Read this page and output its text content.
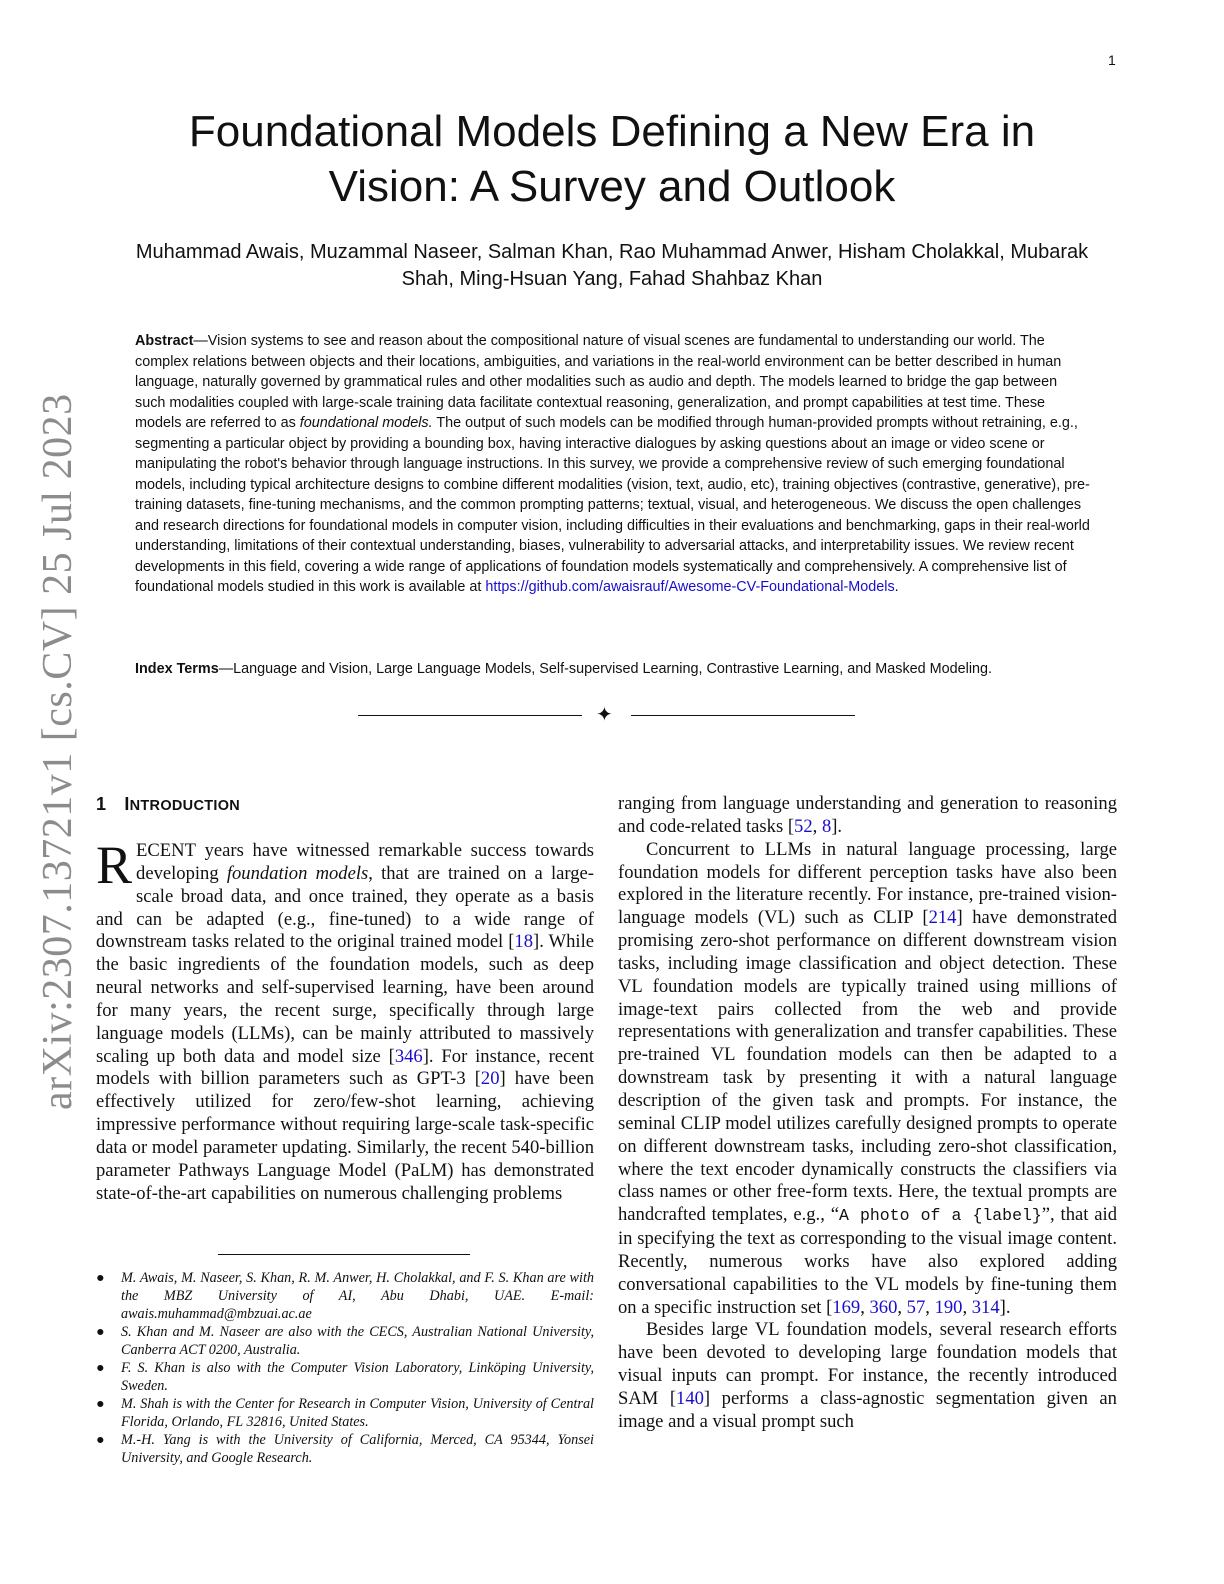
1
arXiv:2307.13721v1 [cs.CV] 25 Jul 2023
Foundational Models Defining a New Era in Vision: A Survey and Outlook
Muhammad Awais, Muzammal Naseer, Salman Khan, Rao Muhammad Anwer, Hisham Cholakkal, Mubarak Shah, Ming-Hsuan Yang, Fahad Shahbaz Khan
Abstract—Vision systems to see and reason about the compositional nature of visual scenes are fundamental to understanding our world. The complex relations between objects and their locations, ambiguities, and variations in the real-world environment can be better described in human language, naturally governed by grammatical rules and other modalities such as audio and depth. The models learned to bridge the gap between such modalities coupled with large-scale training data facilitate contextual reasoning, generalization, and prompt capabilities at test time. These models are referred to as foundational models. The output of such models can be modified through human-provided prompts without retraining, e.g., segmenting a particular object by providing a bounding box, having interactive dialogues by asking questions about an image or video scene or manipulating the robot's behavior through language instructions. In this survey, we provide a comprehensive review of such emerging foundational models, including typical architecture designs to combine different modalities (vision, text, audio, etc), training objectives (contrastive, generative), pre-training datasets, fine-tuning mechanisms, and the common prompting patterns; textual, visual, and heterogeneous. We discuss the open challenges and research directions for foundational models in computer vision, including difficulties in their evaluations and benchmarking, gaps in their real-world understanding, limitations of their contextual understanding, biases, vulnerability to adversarial attacks, and interpretability issues. We review recent developments in this field, covering a wide range of applications of foundation models systematically and comprehensively. A comprehensive list of foundational models studied in this work is available at https://github.com/awaisrauf/Awesome-CV-Foundational-Models.
Index Terms—Language and Vision, Large Language Models, Self-supervised Learning, Contrastive Learning, and Masked Modeling.
✦
1 INTRODUCTION

RECENT years have witnessed remarkable success towards developing foundation models, that are trained on a large-scale broad data, and once trained, they operate as a basis and can be adapted (e.g., fine-tuned) to a wide range of downstream tasks related to the original trained model [18]. While the basic ingredients of the foundation models, such as deep neural networks and self-supervised learning, have been around for many years, the recent surge, specifically through large language models (LLMs), can be mainly attributed to massively scaling up both data and model size [346]. For instance, recent models with billion parameters such as GPT-3 [20] have been effectively utilized for zero/few-shot learning, achieving impressive performance without requiring large-scale task-specific data or model parameter updating. Similarly, the recent 540-billion parameter Pathways Language Model (PaLM) has demonstrated state-of-the-art capabilities on numerous challenging problems

● M. Awais, M. Naseer, S. Khan, R. M. Anwer, H. Cholakkal, and F. S. Khan are with the MBZ University of AI, Abu Dhabi, UAE. E-mail: awais.muhammad@mbzuai.ac.ae
● S. Khan and M. Naseer are also with the CECS, Australian National University, Canberra ACT 0200, Australia.
● F. S. Khan is also with the Computer Vision Laboratory, Linköping University, Sweden.
● M. Shah is with the Center for Research in Computer Vision, University of Central Florida, Orlando, FL 32816, United States.
● M.-H. Yang is with the University of California, Merced, CA 95344, Yonsei University, and Google Research.

ranging from language understanding and generation to reasoning and code-related tasks [52, 8].

Concurrent to LLMs in natural language processing, large foundation models for different perception tasks have also been explored in the literature recently. For instance, pre-trained vision-language models (VL) such as CLIP [214] have demonstrated promising zero-shot performance on different downstream vision tasks, including image classification and object detection. These VL foundation models are typically trained using millions of image-text pairs collected from the web and provide representations with generalization and transfer capabilities. These pre-trained VL foundation models can then be adapted to a downstream task by presenting it with a natural language description of the given task and prompts. For instance, the seminal CLIP model utilizes carefully designed prompts to operate on different downstream tasks, including zero-shot classification, where the text encoder dynamically constructs the classifiers via class names or other free-form texts. Here, the textual prompts are handcrafted templates, e.g., “A photo of a {label}”, that aid in specifying the text as corresponding to the visual image content. Recently, numerous works have also explored adding conversational capabilities to the VL models by fine-tuning them on a specific instruction set [169, 360, 57, 190, 314].

Besides large VL foundation models, several research efforts have been devoted to developing large foundation models that visual inputs can prompt. For instance, the recently introduced SAM [140] performs a class-agnostic segmentation given an image and a visual prompt such
